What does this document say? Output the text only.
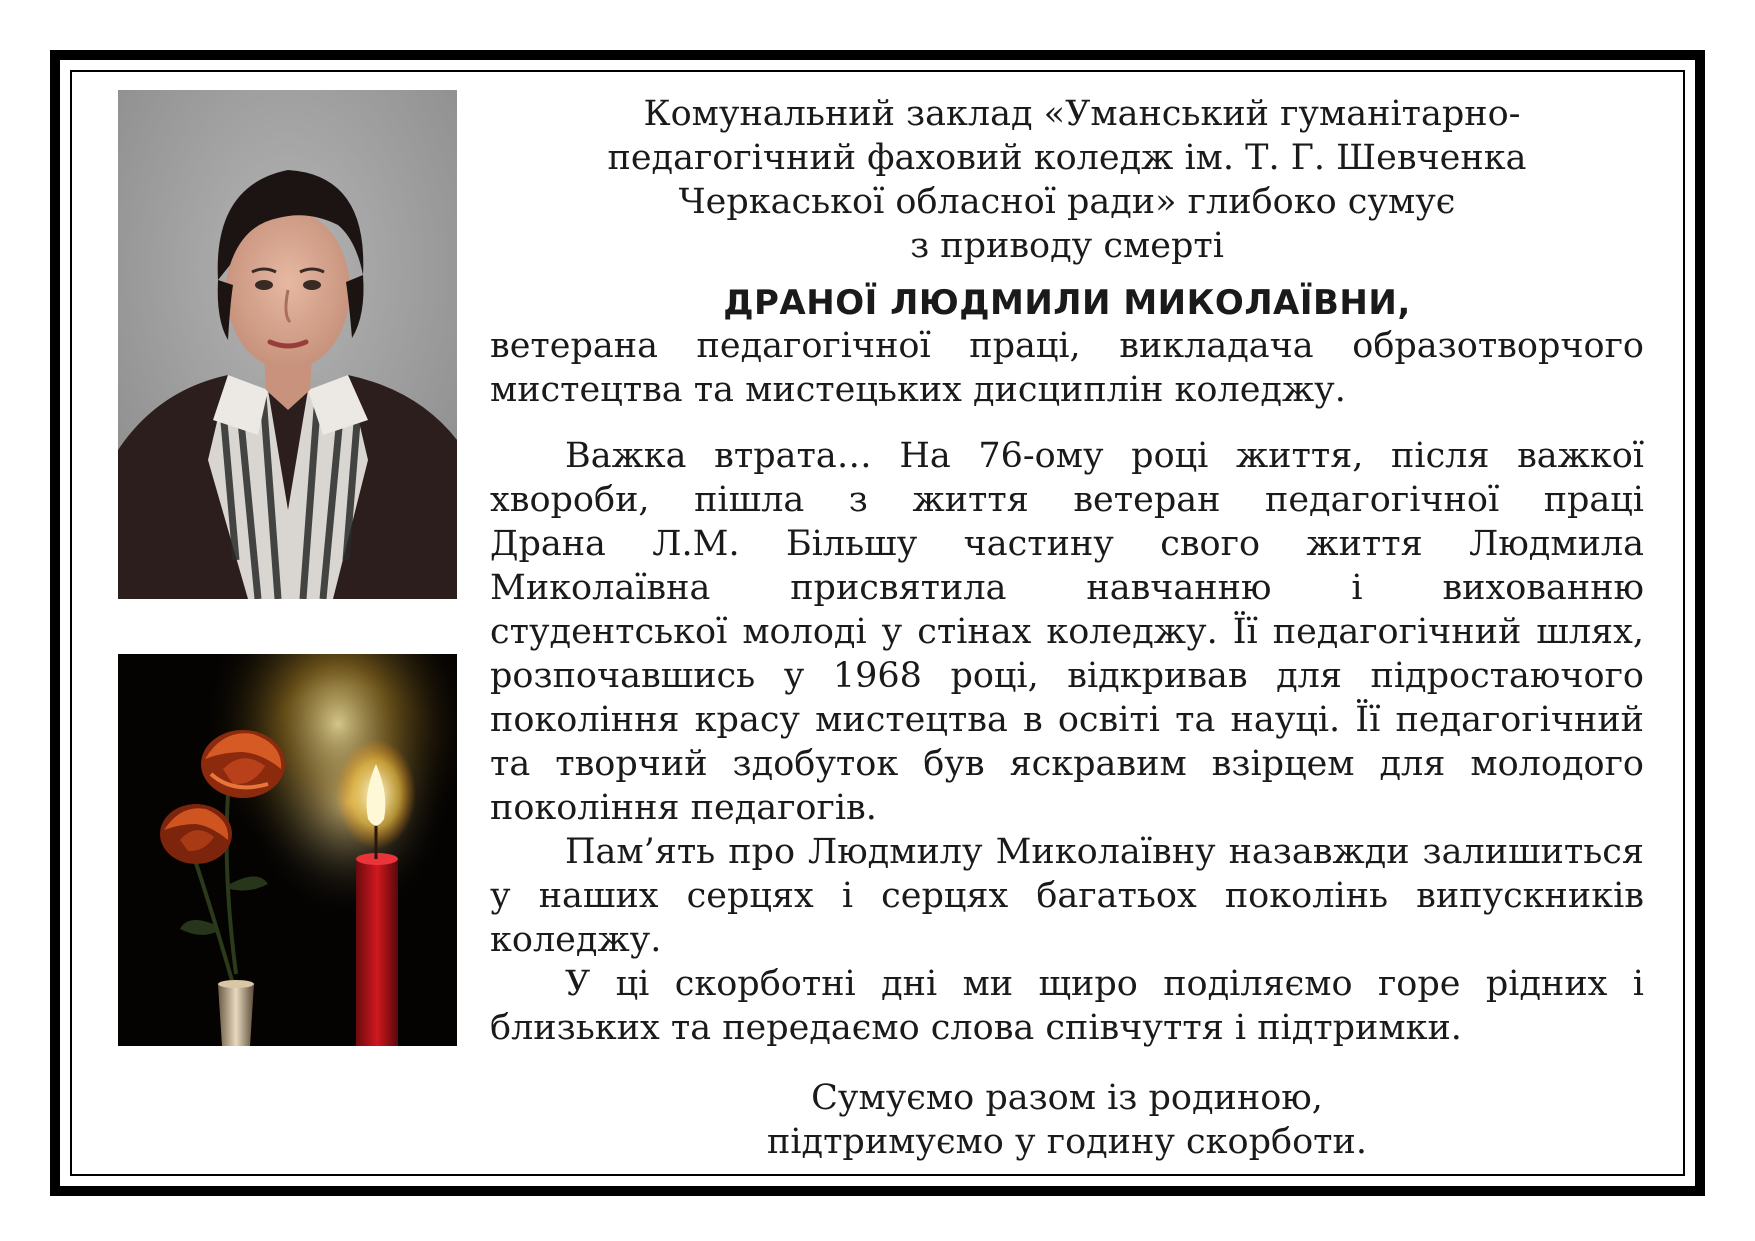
Комунальний заклад «Уманський гуманітарно-
педагогічний фаховий коледж ім. Т. Г. Шевченка
Черкаської обласної ради» глибоко сумує
з приводу смерті
ДРАНОЇ ЛЮДМИЛИ МИКОЛАЇВНИ,
ветерана педагогічної праці, викладача образотворчого
мистецтва та мистецьких дисциплін коледжу.
Важка втрата… На 76-ому році життя, після важкої
хвороби, пішла з життя ветеран педагогічної праці
Драна Л.М. Більшу частину свого життя Людмила
Миколаївна присвятила навчанню і вихованню
студентської молоді у стінах коледжу. Її педагогічний шлях,
розпочавшись у 1968 році, відкривав для підростаючого
покоління красу мистецтва в освіті та науці. Її педагогічний
та творчий здобуток був яскравим взірцем для молодого
покоління педагогів.
Пам’ять про Людмилу Миколаївну назавжди залишиться
у наших серцях і серцях багатьох поколінь випускників
коледжу.
У ці скорботні дні ми щиро поділяємо горе рідних і
близьких та передаємо слова співчуття і підтримки.
Сумуємо разом із родиною,
підтримуємо у годину скорботи.
